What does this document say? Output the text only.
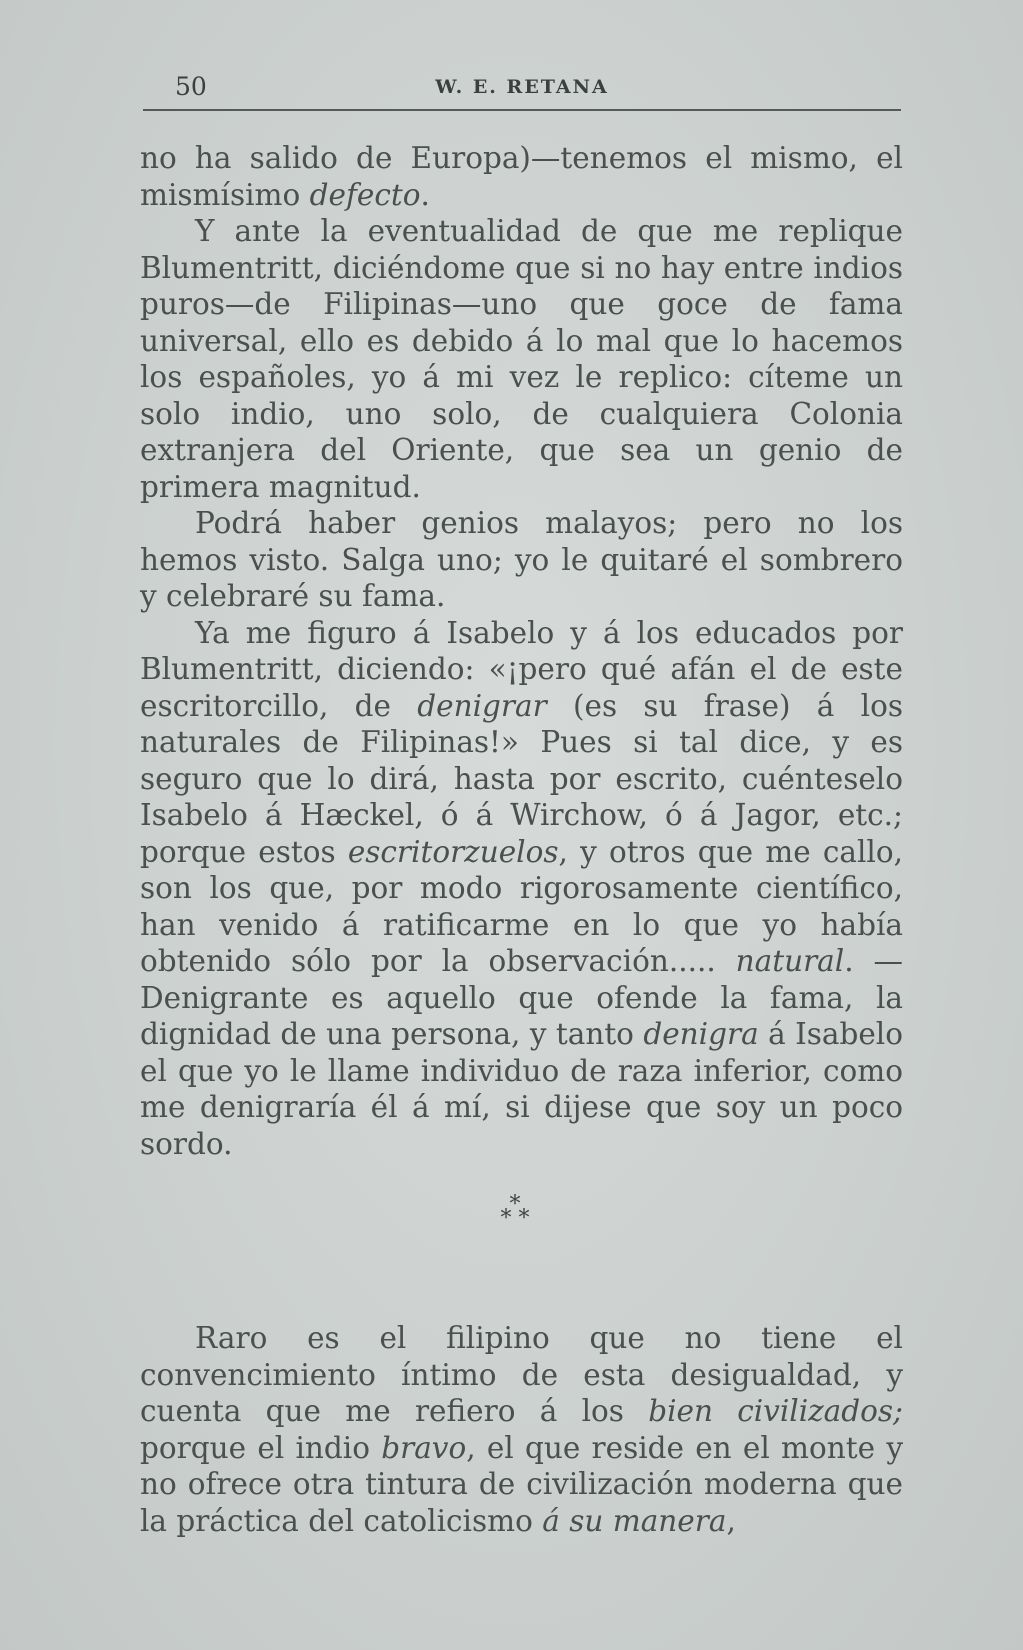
50	W. E. RETANA

no ha salido de Europa)—tenemos el mismo, el mismísimo defecto.

Y ante la eventualidad de que me replique Blumentritt, diciéndome que si no hay entre indios puros—de Filipinas—uno que goce de fama universal, ello es debido á lo mal que lo hacemos los españoles, yo á mi vez le replico: cíteme un solo indio, uno solo, de cualquiera Colonia extranjera del Oriente, que sea un genio de primera magnitud.

Podrá haber genios malayos; pero no los hemos visto. Salga uno; yo le quitaré el sombrero y celebraré su fama.

Ya me figuro á Isabelo y á los educados por Blumentritt, diciendo: «¡pero qué afán el de este escritorcillo, de denigrar (es su frase) á los naturales de Filipinas!» Pues si tal dice, y es seguro que lo dirá, hasta por escrito, cuénteselo Isabelo á Hæckel, ó á Wirchow, ó á Jagor, etc.; porque estos escritorzuelos, y otros que me callo, son los que, por modo rigorosamente científico, han venido á ratificarme en lo que yo había obtenido sólo por la observación..... natural. — Denigrante es aquello que ofende la fama, la dignidad de una persona, y tanto denigra á Isabelo el que yo le llame individuo de raza inferior, como me denigraría él á mí, si dijese que soy un poco sordo.

*
* *

Raro es el filipino que no tiene el convencimiento íntimo de esta desigualdad, y cuenta que me refiero á los bien civilizados; porque el indio bravo, el que reside en el monte y no ofrece otra tintura de civilización moderna que la práctica del catolicismo á su manera,
